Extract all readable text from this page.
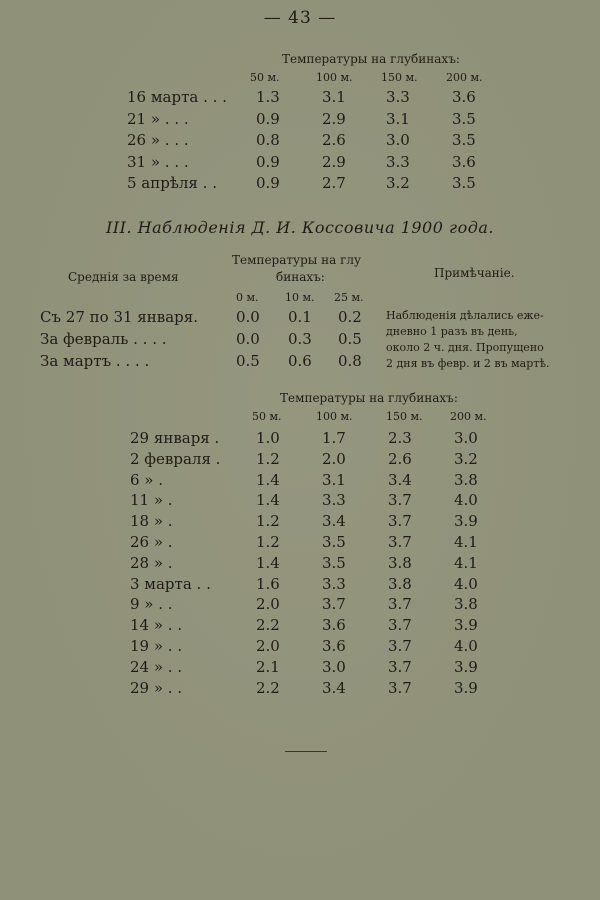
— 43 —
Температуры на глубинахъ:
50 м.	100 м.	150 м.	200 м.
16 марта . . . 1.3	3.1	3.3	3.6
21 » . . .	0.9	2.9	3.1	3.5
26 » . . .	0.8	2.6	3.0	3.5
31 » . . .	0.9	2.9	3.3	3.6
5 апрѣля . .	0.9	2.7	3.2	3.5
III. Наблюденія Д. И. Коссовича 1900 года.
Среднія за время
Температуры на глу
бинахъ:	Примѣчаніе.
0 м. 10 м. 25 м.
Съ 27 по 31 января.	0.0 0.1 0.2
За февраль . . . .	0.0 0.3 0.5
За мартъ . . . .	0.5 0.6 0.8
Наблюденія дѣлались еже-
дневно 1 разъ въ день,
около 2 ч. дня. Пропущено
2 дня въ февр. и 2 въ мартѣ.
Температуры на глубинахъ:
50 м.	100 м.	150 м. 200 м.
29 января . 1.0	1.7	2.3	3.0
2 февраля . 1.2	2.0	2.6	3.2
6 » .	1.4	3.1	3.4	3.8
11 » .	1.4	3.3	3.7	4.0
18 » .	1.2	3.4	3.7	3.9
26 » .	1.2	3.5	3.7	4.1
28 » .	1.4	3.5	3.8	4.1
3 марта . .	1.6	3.3	3.8	4.0
9 » . .	2.0	3.7	3.7	3.8
14 » . .	2.2	3.6	3.7	3.9
19 » . .	2.0	3.6	3.7	4.0
24 » . .	2.1	3.0	3.7	3.9
29 » . .	2.2	3.4	3.7	3.9
